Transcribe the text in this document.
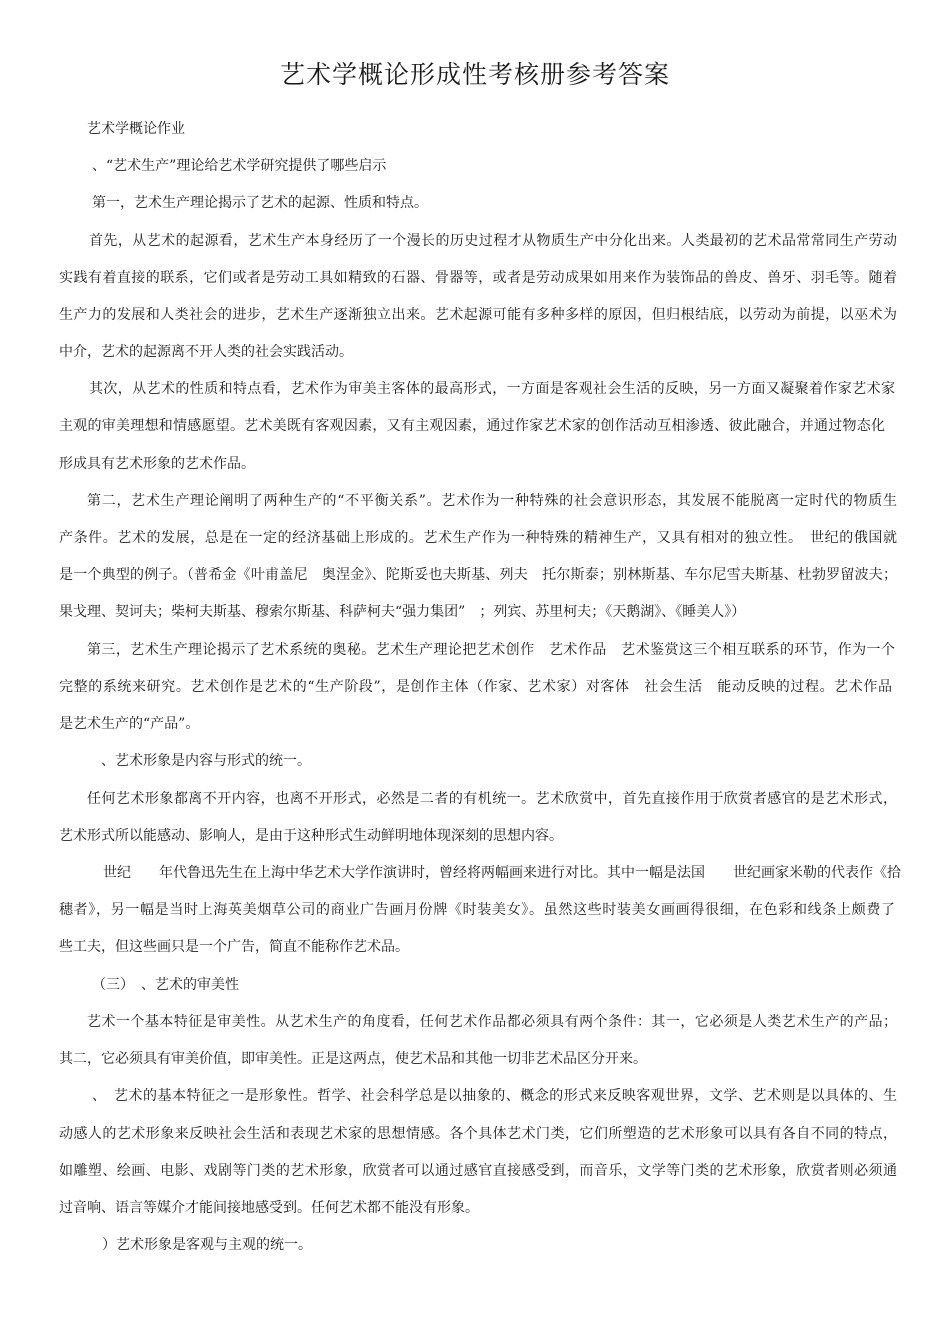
艺术学概论形成性考核册参考答案

艺术学概论作业

、“艺术生产”理论给艺术学研究提供了哪些启示

第一，艺术生产理论揭示了艺术的起源、性质和特点。

首先，从艺术的起源看，艺术生产本身经历了一个漫长的历史过程才从物质生产中分化出来。人类最初的艺术品常常同生产劳动

实践有着直接的联系，它们或者是劳动工具如精致的石器、骨器等，或者是劳动成果如用来作为装饰品的兽皮、兽牙、羽毛等。随着

生产力的发展和人类社会的进步，艺术生产逐渐独立出来。艺术起源可能有多种多样的原因，但归根结底，以劳动为前提，以巫术为

中介，艺术的起源离不开人类的社会实践活动。

其次，从艺术的性质和特点看，艺术作为审美主客体的最高形式，一方面是客观社会生活的反映，另一方面又凝聚着作家艺术家

主观的审美理想和情感愿望。艺术美既有客观因素，又有主观因素，通过作家艺术家的创作活动互相渗透、彼此融合，并通过物态化

形成具有艺术形象的艺术作品。

第二，艺术生产理论阐明了两种生产的“不平衡关系”。艺术作为一种特殊的社会意识形态，其发展不能脱离一定时代的物质生

产条件。艺术的发展，总是在一定的经济基础上形成的。艺术生产作为一种特殊的精神生产，又具有相对的独立性。　世纪的俄国就

是一个典型的例子。（普希金《叶甫盖尼　奥涅金》、陀斯妥也夫斯基、列夫　托尔斯泰；别林斯基、车尔尼雪夫斯基、杜勃罗留波夫；

果戈理、契诃夫；柴柯夫斯基、穆索尔斯基、科萨柯夫“强力集团”　；列宾、苏里柯夫；《天鹅湖》、《睡美人》）

第三，艺术生产理论揭示了艺术系统的奥秘。艺术生产理论把艺术创作　艺术作品　艺术鉴赏这三个相互联系的环节，作为一个

完整的系统来研究。艺术创作是艺术的“生产阶段”，是创作主体（作家、艺术家）对客体　社会生活　能动反映的过程。艺术作品

是艺术生产的“产品”。

、艺术形象是内容与形式的统一。

任何艺术形象都离不开内容，也离不开形式，必然是二者的有机统一。艺术欣赏中，首先直接作用于欣赏者感官的是艺术形式，

艺术形式所以能感动、影响人，是由于这种形式生动鲜明地体现深刻的思想内容。

世纪　　年代鲁迅先生在上海中华艺术大学作演讲时，曾经将两幅画来进行对比。其中一幅是法国　　世纪画家米勒的代表作《拾

穗者》，另一幅是当时上海英美烟草公司的商业广告画月份牌《时装美女》。虽然这些时装美女画画得很细，在色彩和线条上颇费了

些工夫，但这些画只是一个广告，简直不能称作艺术品。

（三）　、艺术的审美性

艺术一个基本特征是审美性。从艺术生产的角度看，任何艺术作品都必须具有两个条件：其一，它必须是人类艺术生产的产品；

其二，它必须具有审美价值，即审美性。正是这两点，使艺术品和其他一切非艺术品区分开来。

、　艺术的基本特征之一是形象性。哲学、社会科学总是以抽象的、概念的形式来反映客观世界，文学、艺术则是以具体的、生

动感人的艺术形象来反映社会生活和表现艺术家的思想情感。各个具体艺术门类，它们所塑造的艺术形象可以具有各自不同的特点，

如雕塑、绘画、电影、戏剧等门类的艺术形象，欣赏者可以通过感官直接感受到，而音乐，文学等门类的艺术形象，欣赏者则必须通

过音响、语言等媒介才能间接地感受到。任何艺术都不能没有形象。

）艺术形象是客观与主观的统一。
